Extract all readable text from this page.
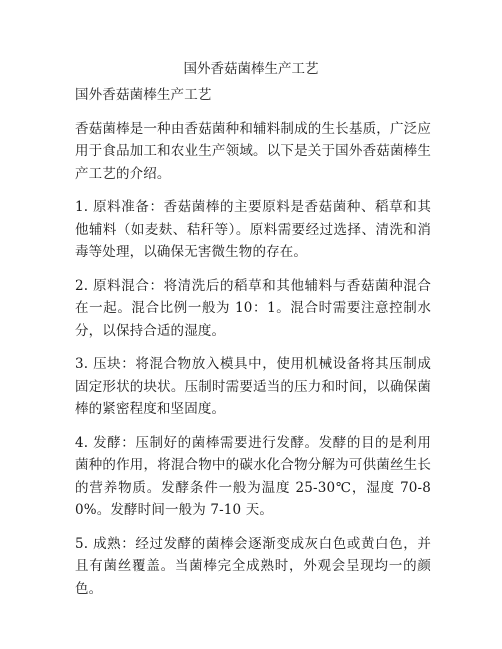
国外香菇菌棒生产工艺

国外香菇菌棒生产工艺

香菇菌棒是一种由香菇菌种和辅料制成的生长基质，广泛应用于食品加工和农业生产领域。以下是关于国外香菇菌棒生产工艺的介绍。

1. 原料准备：香菇菌棒的主要原料是香菇菌种、稻草和其他辅料（如麦麸、秸秆等）。原料需要经过选择、清洗和消毒等处理，以确保无害微生物的存在。

2. 原料混合：将清洗后的稻草和其他辅料与香菇菌种混合在一起。混合比例一般为 10：1。混合时需要注意控制水分，以保持合适的湿度。

3. 压块：将混合物放入模具中，使用机械设备将其压制成固定形状的块状。压制时需要适当的压力和时间，以确保菌棒的紧密程度和坚固度。

4. 发酵：压制好的菌棒需要进行发酵。发酵的目的是利用菌种的作用，将混合物中的碳水化合物分解为可供菌丝生长的营养物质。发酵条件一般为温度 25-30℃，湿度 70-80%。发酵时间一般为 7-10 天。

5. 成熟：经过发酵的菌棒会逐渐变成灰白色或黄白色，并且有菌丝覆盖。当菌棒完全成熟时，外观会呈现均一的颜色。
